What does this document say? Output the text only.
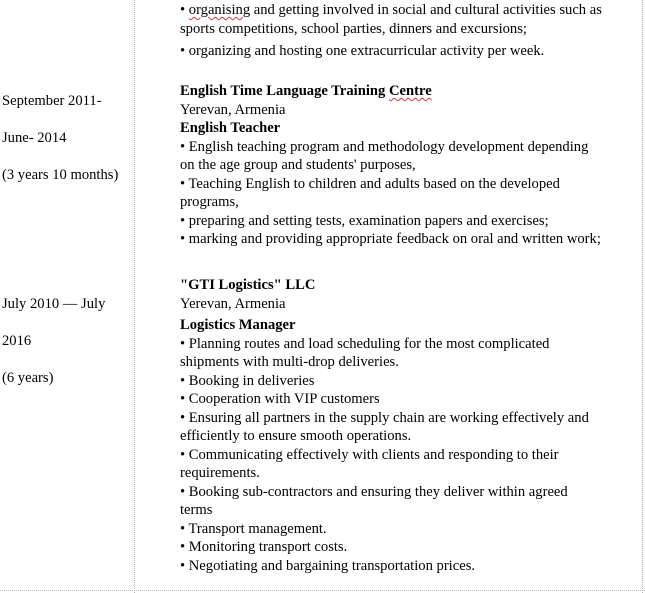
• organising and getting involved in social and cultural activities such as
sports competitions, school parties, dinners and excursions;
• organizing and hosting one extracurricular activity per week.

September 2011-

June- 2014

(3 years 10 months)

English Time Language Training Centre
Yerevan, Armenia
English Teacher
• English teaching program and methodology development depending
on the age group and students' purposes,
• Teaching English to children and adults based on the developed
programs,
• preparing and setting tests, examination papers and exercises;
• marking and providing appropriate feedback on oral and written work;

July 2010 — July

2016

(6 years)

"GTI Logistics" LLC
Yerevan, Armenia
Logistics Manager
• Planning routes and load scheduling for the most complicated
shipments with multi-drop deliveries.
• Booking in deliveries
• Cooperation with VIP customers
• Ensuring all partners in the supply chain are working effectively and
efficiently to ensure smooth operations.
• Communicating effectively with clients and responding to their
requirements.
• Booking sub-contractors and ensuring they deliver within agreed
terms
• Transport management.
• Monitoring transport costs.
• Negotiating and bargaining transportation prices.
